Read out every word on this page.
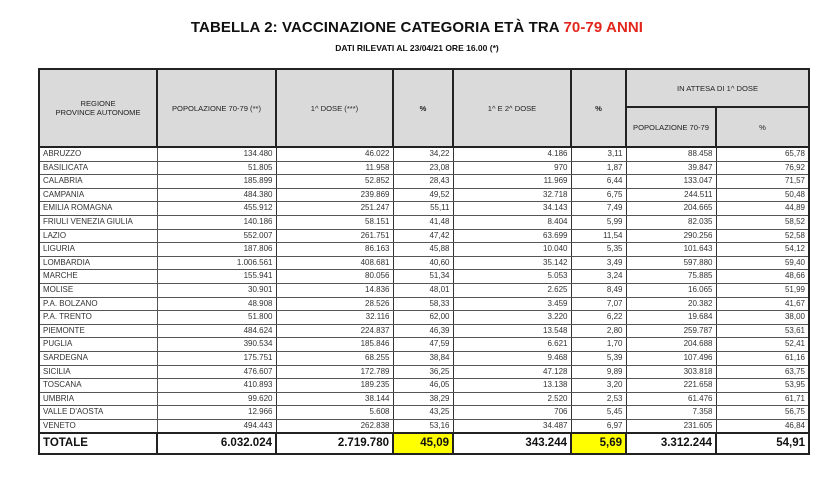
TABELLA 2: VACCINAZIONE CATEGORIA ETÀ TRA 70-79 ANNI
DATI RILEVATI AL 23/04/21 ORE 16.00 (*)
REGIONE
PROVINCE AUTONOME	POPOLAZIONE 70-79 (**)	1^ DOSE (***)	%	1^ E 2^ DOSE	%	IN ATTESA DI 1^ DOSE	
						POPOLAZIONE 70-79	%
ABRUZZO	134.480	46.022	34,22	4.186	3,11	88.458	65,78
BASILICATA	51.805	11.958	23,08	970	1,87	39.847	76,92
CALABRIA	185.899	52.852	28,43	11.969	6,44	133.047	71,57
CAMPANIA	484.380	239.869	49,52	32.718	6,75	244.511	50,48
EMILIA ROMAGNA	455.912	251.247	55,11	34.143	7,49	204.665	44,89
FRIULI VENEZIA GIULIA	140.186	58.151	41,48	8.404	5,99	82.035	58,52
LAZIO	552.007	261.751	47,42	63.699	11,54	290.256	52,58
LIGURIA	187.806	86.163	45,88	10.040	5,35	101.643	54,12
LOMBARDIA	1.006.561	408.681	40,60	35.142	3,49	597.880	59,40
MARCHE	155.941	80.056	51,34	5.053	3,24	75.885	48,66
MOLISE	30.901	14.836	48,01	2.625	8,49	16.065	51,99
P.A. BOLZANO	48.908	28.526	58,33	3.459	7,07	20.382	41,67
P.A. TRENTO	51.800	32.116	62,00	3.220	6,22	19.684	38,00
PIEMONTE	484.624	224.837	46,39	13.548	2,80	259.787	53,61
PUGLIA	390.534	185.846	47,59	6.621	1,70	204.688	52,41
SARDEGNA	175.751	68.255	38,84	9.468	5,39	107.496	61,16
SICILIA	476.607	172.789	36,25	47.128	9,89	303.818	63,75
TOSCANA	410.893	189.235	46,05	13.138	3,20	221.658	53,95
UMBRIA	99.620	38.144	38,29	2.520	2,53	61.476	61,71
VALLE D'AOSTA	12.966	5.608	43,25	706	5,45	7.358	56,75
VENETO	494.443	262.838	53,16	34.487	6,97	231.605	46,84
TOTALE	6.032.024	2.719.780	45,09	343.244	5,69	3.312.244	54,91
